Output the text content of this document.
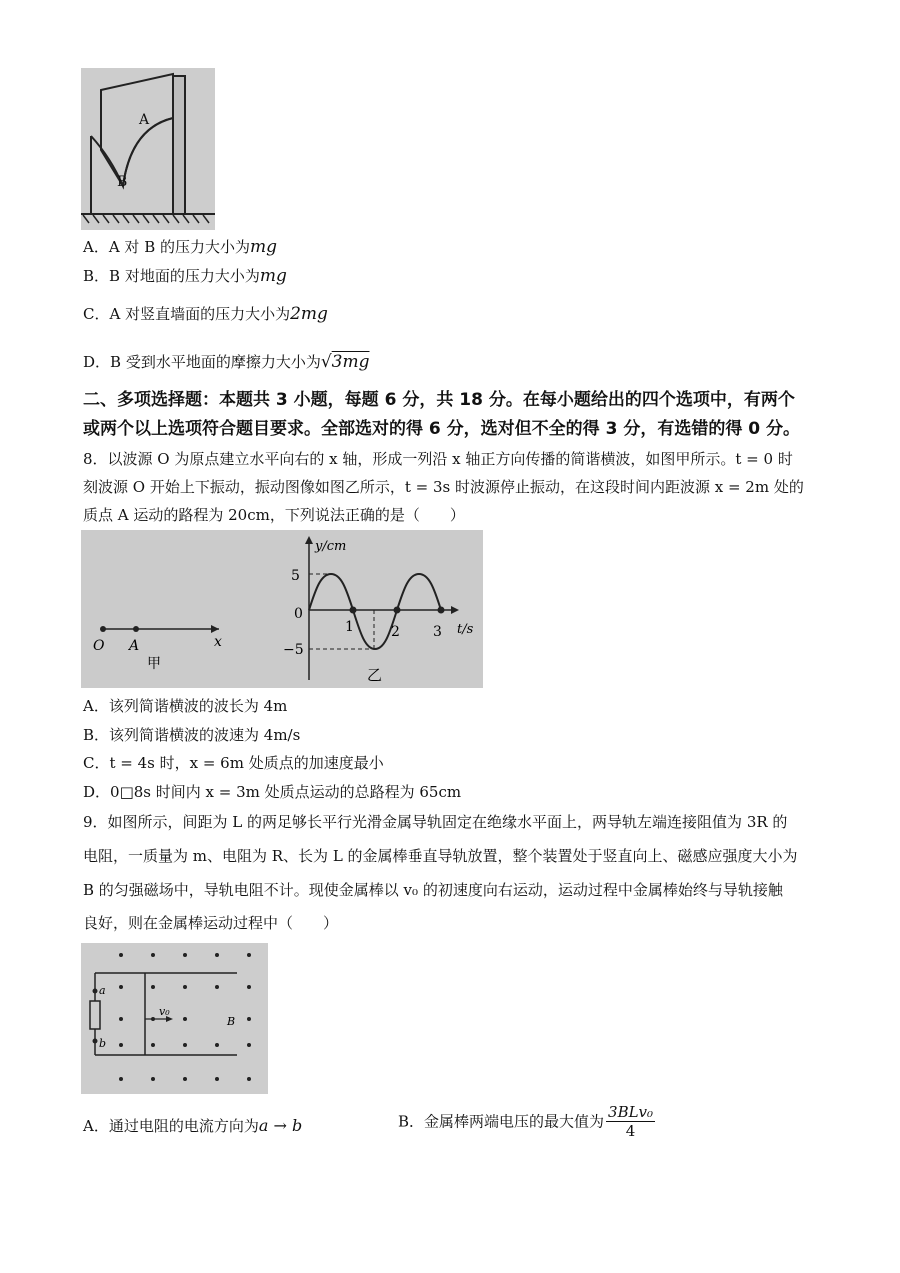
A
B
A．A 对 B 的压力大小为mg
B．B 对地面的压力大小为mg
C．A 对竖直墙面的压力大小为2mg
D．B 受到水平地面的摩擦力大小为√3mg
二、多项选择题：本题共 3 小题，每题 6 分，共 18 分。在每小题给出的四个选项中，有两个
或两个以上选项符合题目要求。全部选对的得 6 分，选对但不全的得 3 分，有选错的得 0 分。
8．以波源 O 为原点建立水平向右的 x 轴，形成一列沿 x 轴正方向传播的简谐横波，如图甲所示。t = 0 时
刻波源 O 开始上下振动，振动图像如图乙所示，t = 3s 时波源停止振动，在这段时间内距波源 x = 2m 处的
质点 A 运动的路程为 20cm，下列说法正确的是（　　）
O A	x
甲
y/cm
t/s
5
0
−5
1	2 3
乙
A．该列简谐横波的波长为 4m
B．该列简谐横波的波速为 4m/s
C．t = 4s 时，x = 6m 处质点的加速度最小
D．0□8s 时间内 x = 3m 处质点运动的总路程为 65cm
9．如图所示，间距为 L 的两足够长平行光滑金属导轨固定在绝缘水平面上，两导轨左端连接阻值为 3R 的
电阻，一质量为 m、电阻为 R、长为 L 的金属棒垂直导轨放置，整个装置处于竖直向上、磁感应强度大小为
B 的匀强磁场中，导轨电阻不计。现使金属棒以 v₀ 的初速度向右运动，运动过程中金属棒始终与导轨接触
良好，则在金属棒运动过程中（　　）
a
b
v₀
B
A．通过电阻的电流方向为a → b	B．金属棒两端电压的最大值为 $\frac{\text{3BLv₀}}{4}$
